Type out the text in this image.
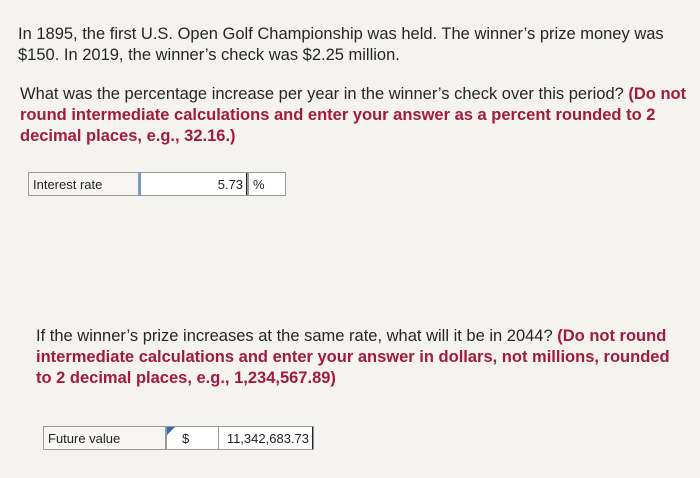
In 1895, the first U.S. Open Golf Championship was held. The winner’s prize money was $150. In 2019, the winner’s check was $2.25 million.
What was the percentage increase per year in the winner’s check over this period? (Do not round intermediate calculations and enter your answer as a percent rounded to 2 decimal places, e.g., 32.16.)
Interest rate	5.73 %
If the winner’s prize increases at the same rate, what will it be in 2044? (Do not round intermediate calculations and enter your answer in dollars, not millions, rounded to 2 decimal places, e.g., 1,234,567.89)
Future value	$	11,342,683.73
